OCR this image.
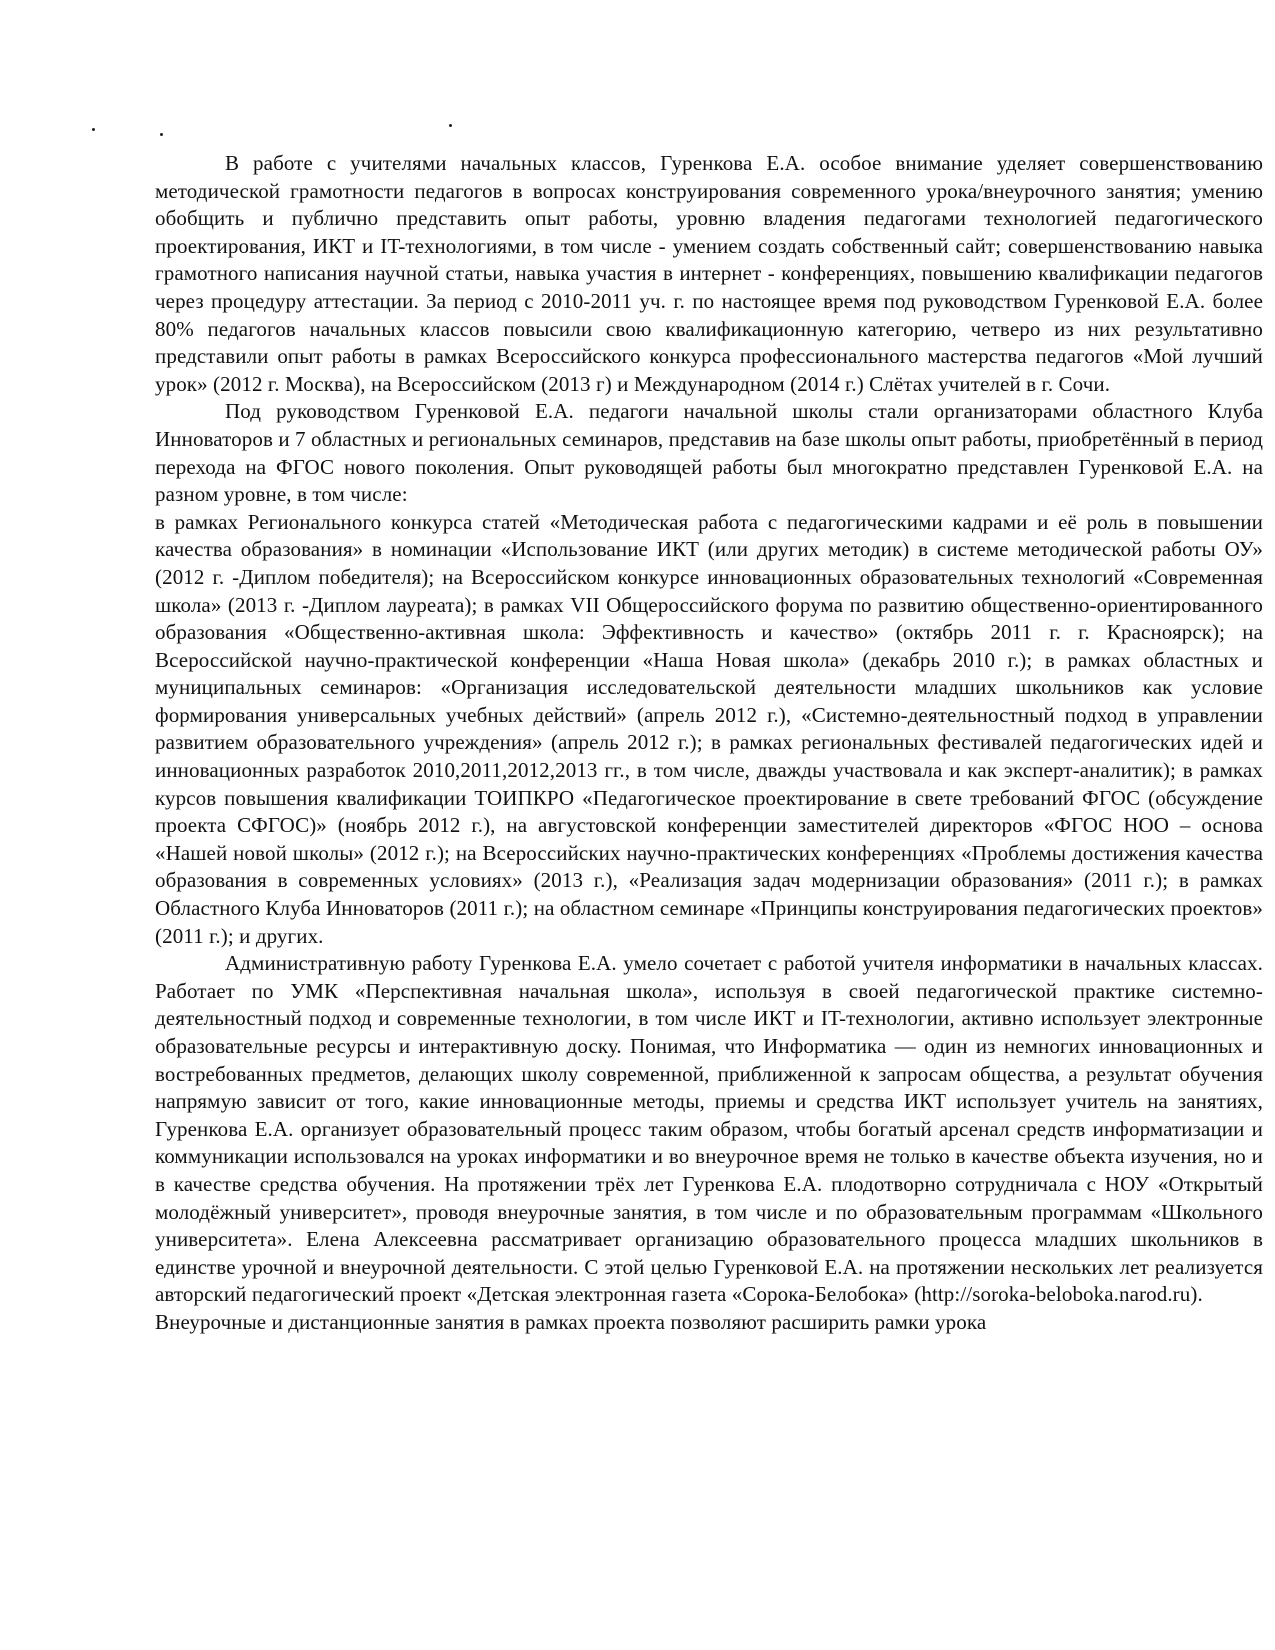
В работе с учителями начальных классов, Гуренкова Е.А. особое внимание уделяет совершенствованию методической грамотности педагогов в вопросах конструирования современного урока/внеурочного занятия; умению обобщить и публично представить опыт работы, уровню владения педагогами технологией педагогического проектирования, ИКТ и IT-технологиями, в том числе - умением создать собственный сайт; совершенствованию навыка грамотного написания научной статьи, навыка участия в интернет - конференциях, повышению квалификации педагогов через процедуру аттестации. За период с 2010-2011 уч. г. по настоящее время под руководством Гуренковой Е.А. более 80% педагогов начальных классов повысили свою квалификационную категорию, четверо из них результативно представили опыт работы в рамках Всероссийского конкурса профессионального мастерства педагогов «Мой лучший урок» (2012 г. Москва), на Всероссийском (2013 г) и Международном (2014 г.) Слётах учителей в г. Сочи.

Под руководством Гуренковой Е.А. педагоги начальной школы стали организаторами областного Клуба Инноваторов и 7 областных и региональных семинаров, представив на базе школы опыт работы, приобретённый в период перехода на ФГОС нового поколения. Опыт руководящей работы был многократно представлен Гуренковой Е.А. на разном уровне, в том числе:

в рамках Регионального конкурса статей «Методическая работа с педагогическими кадрами и её роль в повышении качества образования» в номинации «Использование ИКТ (или других методик) в системе методической работы ОУ» (2012 г. -Диплом победителя); на Всероссийском конкурсе инновационных образовательных технологий «Современная школа» (2013 г. -Диплом лауреата); в рамках VII Общероссийского форума по развитию общественно-ориентированного образования «Общественно-активная школа: Эффективность и качество» (октябрь 2011 г. г. Красноярск); на Всероссийской научно-практической конференции «Наша Новая школа» (декабрь 2010 г.); в рамках областных и муниципальных семинаров: «Организация исследовательской деятельности младших школьников как условие формирования универсальных учебных действий» (апрель 2012 г.), «Системно-деятельностный подход в управлении развитием образовательного учреждения» (апрель 2012 г.); в рамках региональных фестивалей педагогических идей и инновационных разработок 2010,2011,2012,2013 гг., в том числе, дважды участвовала и как эксперт-аналитик); в рамках курсов повышения квалификации ТОИПКРО «Педагогическое проектирование в свете требований ФГОС (обсуждение проекта СФГОС)» (ноябрь 2012 г.), на августовской конференции заместителей директоров «ФГОС НОО – основа «Нашей новой школы» (2012 г.); на Всероссийских научно-практических конференциях «Проблемы достижения качества образования в современных условиях» (2013 г.), «Реализация задач модернизации образования» (2011 г.); в рамках Областного Клуба Инноваторов (2011 г.); на областном семинаре «Принципы конструирования педагогических проектов» (2011 г.); и других.

Административную работу Гуренкова Е.А. умело сочетает с работой учителя информатики в начальных классах. Работает по УМК «Перспективная начальная школа», используя в своей педагогической практике системно-деятельностный подход и современные технологии, в том числе ИКТ и IT-технологии, активно использует электронные образовательные ресурсы и интерактивную доску. Понимая, что Информатика — один из немногих инновационных и востребованных предметов, делающих школу современной, приближенной к запросам общества, а результат обучения напрямую зависит от того, какие инновационные методы, приемы и средства ИКТ использует учитель на занятиях, Гуренкова Е.А. организует образовательный процесс таким образом, чтобы богатый арсенал средств информатизации и коммуникации использовался на уроках информатики и во внеурочное время не только в качестве объекта изучения, но и в качестве средства обучения. На протяжении трёх лет Гуренкова Е.А. плодотворно сотрудничала с НОУ «Открытый молодёжный университет», проводя внеурочные занятия, в том числе и по образовательным программам «Школьного университета». Елена Алексеевна рассматривает организацию образовательного процесса младших школьников в единстве урочной и внеурочной деятельности. С этой целью Гуренковой Е.А. на протяжении нескольких лет реализуется авторский педагогический проект «Детская электронная газета «Сорока-Белобока» (http://soroka-beloboka.narod.ru).

Внеурочные и дистанционные занятия в рамках проекта позволяют расширить рамки урока
